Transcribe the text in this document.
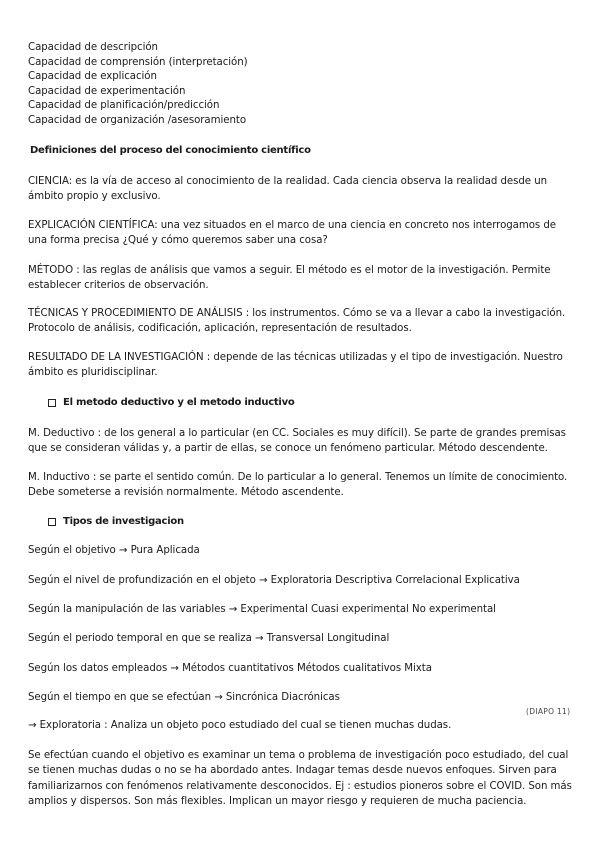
Capacidad de descripción
Capacidad de comprensión (interpretación)
Capacidad de explicación
Capacidad de experimentación
Capacidad de planificación/predicción
Capacidad de organización /asesoramiento
Definiciones del proceso del conocimiento científico
CIENCIA: es la vía de acceso al conocimiento de la realidad. Cada ciencia observa la realidad desde un ámbito propio y exclusivo.
EXPLICACIÓN CIENTÍFICA: una vez situados en el marco de una ciencia en concreto nos interrogamos de una forma precisa ¿Qué y cómo queremos saber una cosa?
MÉTODO : las reglas de análisis que vamos a seguir. El método es el motor de la investigación. Permite establecer criterios de observación.
TÉCNICAS Y PROCEDIMIENTO DE ANÁLISIS : los instrumentos. Cómo se va a llevar a cabo la investigación. Protocolo de análisis, codificación, aplicación, representación de resultados.
RESULTADO DE LA INVESTIGACIÓN : depende de las técnicas utilizadas y el tipo de investigación. Nuestro ámbito es pluridisciplinar.
El metodo deductivo y el metodo inductivo
M. Deductivo : de los general a lo particular (en CC. Sociales es muy difícil). Se parte de grandes premisas que se consideran válidas y, a partir de ellas, se conoce un fenómeno particular. Método descendente.
M. Inductivo : se parte el sentido común. De lo particular a lo general. Tenemos un límite de conocimiento. Debe someterse a revisión normalmente. Método ascendente.
Tipos de investigacion
Según el objetivo → Pura Aplicada
Según el nivel de profundización en el objeto → Exploratoria Descriptiva Correlacional Explicativa
Según la manipulación de las variables → Experimental Cuasi experimental No experimental
Según el periodo temporal en que se realiza → Transversal Longitudinal
Según los datos empleados → Métodos cuantitativos Métodos cualitativos Mixta
Según el tiempo en que se efectúan → Sincrónica Diacrónicas
(DIAPO 11)
→ Exploratoria : Analiza un objeto poco estudiado del cual se tienen muchas dudas.
Se efectúan cuando el objetivo es examinar un tema o problema de investigación poco estudiado, del cual se tienen muchas dudas o no se ha abordado antes. Indagar temas desde nuevos enfoques. Sirven para familiarizarnos con fenómenos relativamente desconocidos. Ej : estudios pioneros sobre el COVID. Son más amplios y dispersos. Son más flexibles. Implican un mayor riesgo y requieren de mucha paciencia.
